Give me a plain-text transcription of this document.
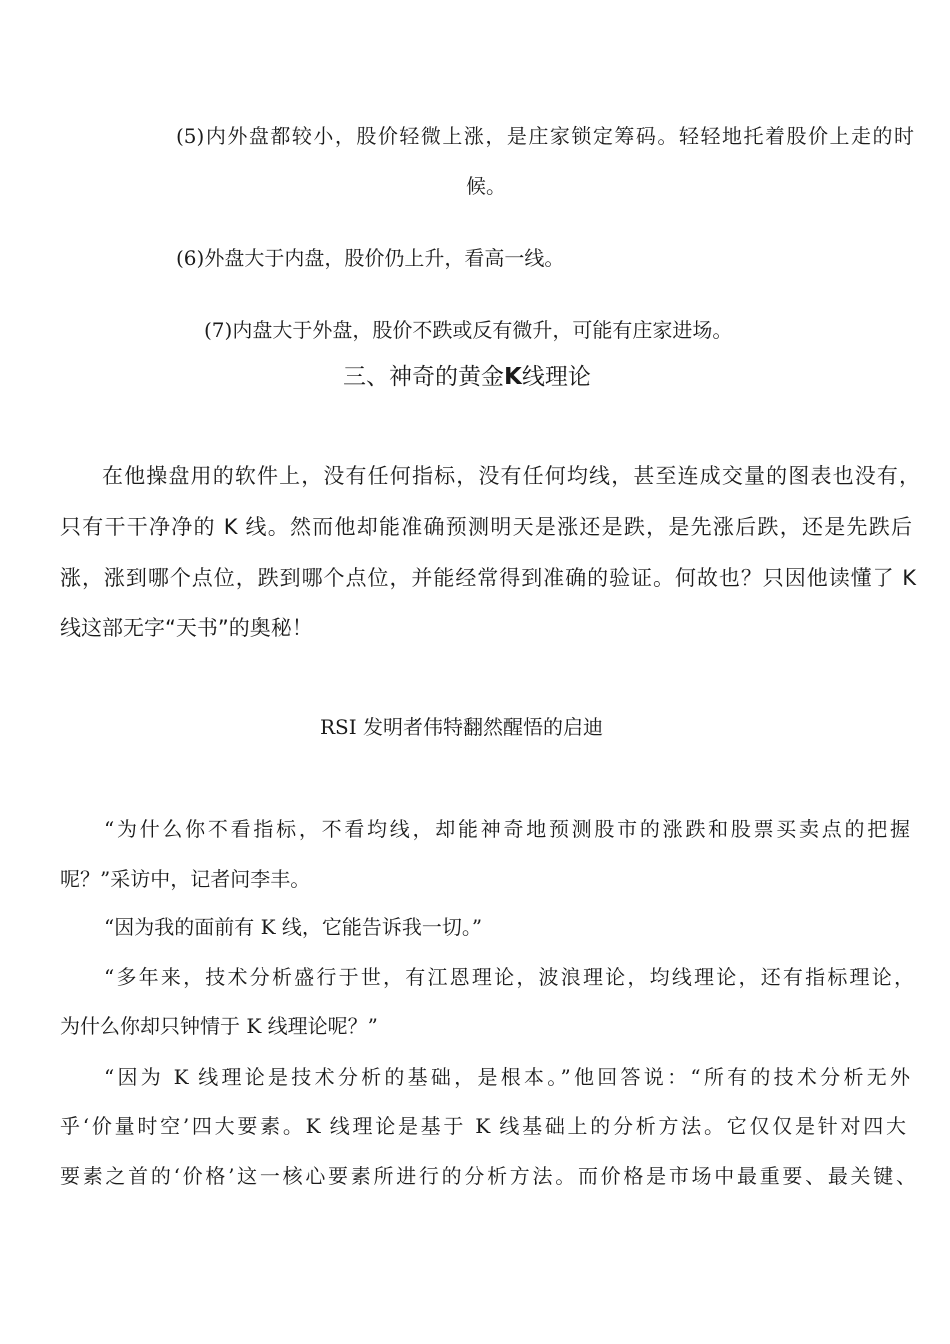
(5)内外盘都较小，股价轻微上涨，是庄家锁定筹码。轻轻地托着股价上走的时
候。
(6)外盘大于内盘，股价仍上升，看高一线。
(7)内盘大于外盘，股价不跌或反有微升，可能有庄家进场。
三、神奇的黄金K线理论
在他操盘用的软件上，没有任何指标，没有任何均线，甚至连成交量的图表也没有，
只有干干净净的 K 线。然而他却能准确预测明天是涨还是跌，是先涨后跌，还是先跌后
涨，涨到哪个点位，跌到哪个点位，并能经常得到准确的验证。何故也？只因他读懂了 K
线这部无字“天书”的奥秘！
RSI 发明者伟特翻然醒悟的启迪
“为什么你不看指标，不看均线，却能神奇地预测股市的涨跌和股票买卖点的把握
呢？”采访中，记者问李丰。
“因为我的面前有 K 线，它能告诉我一切。”
“多年来，技术分析盛行于世，有江恩理论，波浪理论，均线理论，还有指标理论，
为什么你却只钟情于 K 线理论呢？”
“因为 K 线理论是技术分析的基础，是根本。”他回答说：“所有的技术分析无外
乎‘价量时空’四大要素。K 线理论是基于 K 线基础上的分析方法。它仅仅是针对四大
要素之首的‘价格’这一核心要素所进行的分析方法。而价格是市场中最重要、最关键、
